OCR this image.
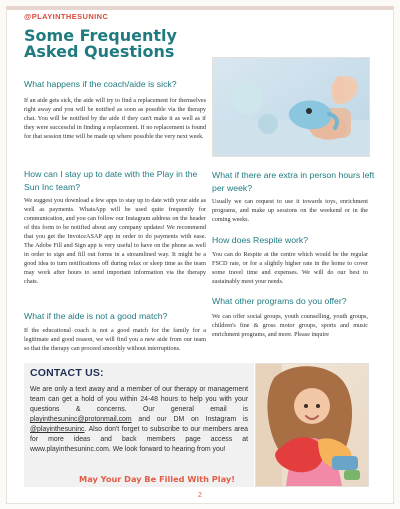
@PLAYINTHESUNINC
Some Frequently Asked Questions
What happens if the coach/aide is sick?
If an aide gets sick, the aide will try to find a replacement for themselves right away and you will be notified as soon as possible via the therapy chat. You will be notified by the aide if they can't make it as well as if they were successful in finding a replacement. If no replacement is found for that session time will be made up where possible the very next week.
How can I stay up to date with the Play in the Sun Inc team?
We suggest you download a few apps to stay up to date with your aide as well as payments. WhatsApp will be used quite frequently for communication, and you can follow our Instagram address on the header of this form to be notified about any company updates! We recommend that you get the InvoiceASAP app in order to do payments with ease. The Adobe Fill and Sign app is very useful to have on the phone as well in order to sign and fill out forms in a streamlined way. It might be a good idea to turn notifications off during relax or sleep time as the team may work after hours to send important information via the therapy chats.
What if the aide is not a good match?
If the educational coach is not a good match for the family for a legitimate and good reason, we will find you a new aide from our team so that the therapy can proceed smoothly without interruptions.
What if there are extra in person hours left per week?
Usually we can request to use it towards toys, enrichment programs, and make up sessions on the weekend or in the coming weeks.
How does Respite work?
You can do Respite at the centre which would be the regular FSCD rate, or for a slightly higher rate in the home to cover some travel time and expenses. We will do our best to sustainably meet your needs.
What other programs do you offer?
We can offer social groups, youth counselling, youth groups, children's fine & gross motor groups, sports and music enrichment programs, and more. Please inquire
CONTACT US:
We are only a text away and a member of our therapy or management team can get a hold of you within 24-48 hours to help you with your questions & concerns. Our general email is playinthesuninc@protonmail.com and our DM on Instagram is @playinthesuninc. Also don't forget to subscribe to our members area for more ideas and back members page access at www.playinthesuninc.com. We look forward to hearing from you!
May Your Day Be Filled With Play!
2
